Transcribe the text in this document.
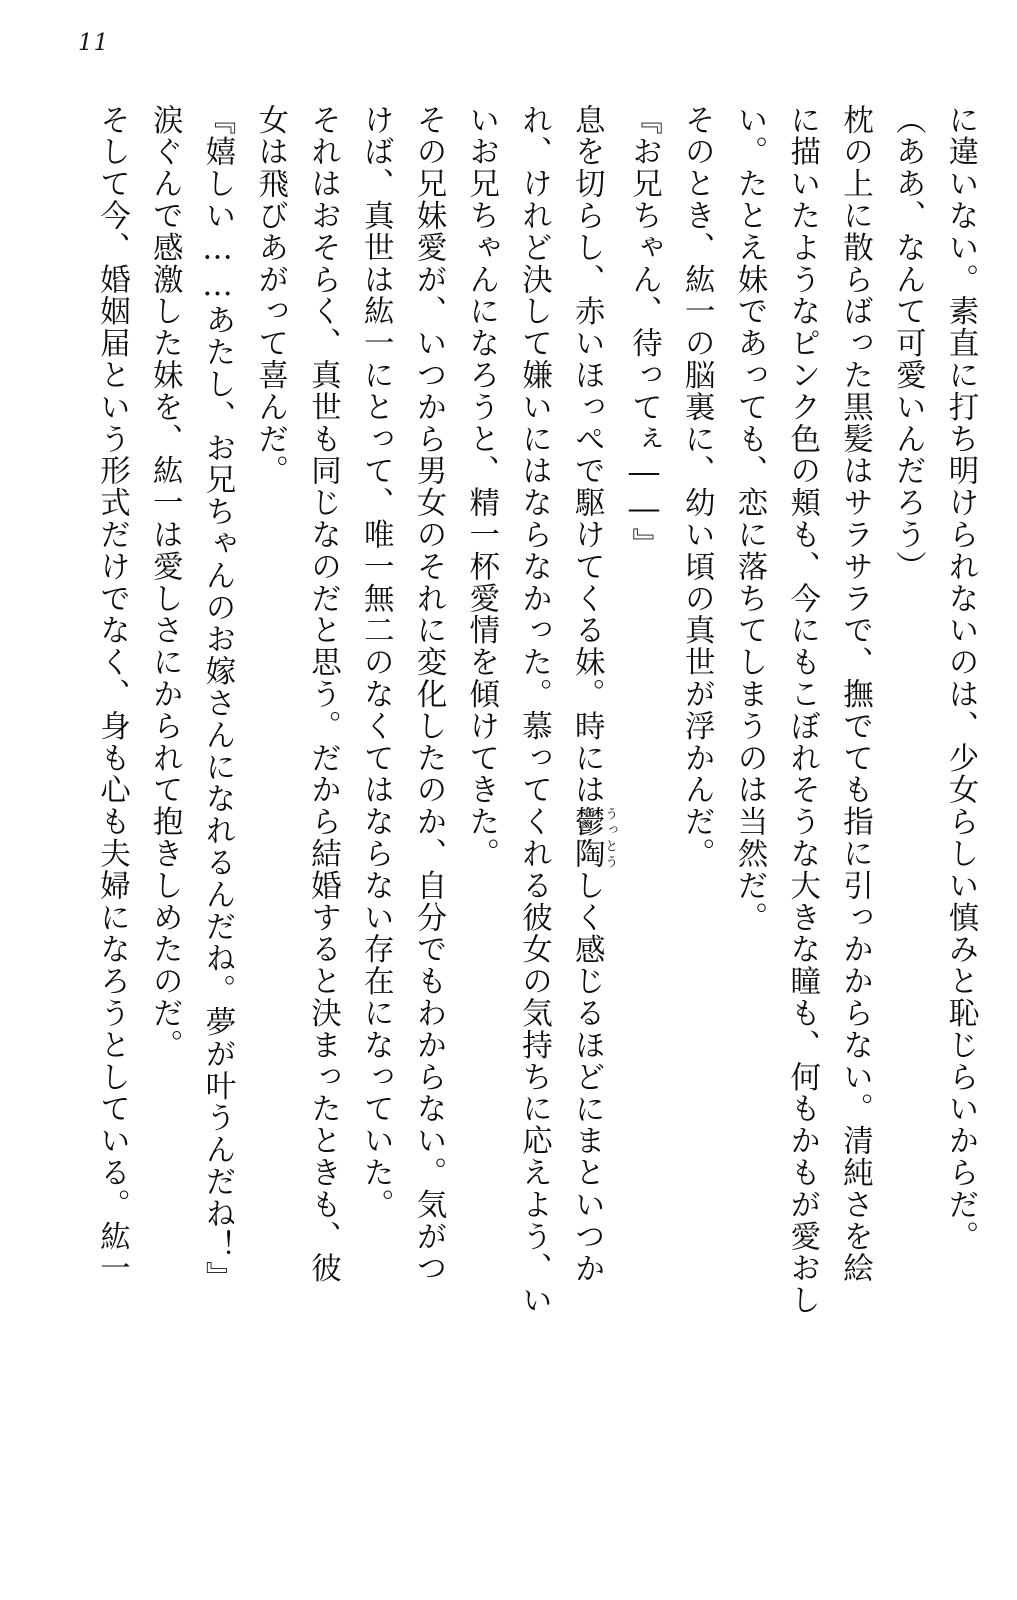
11
に違いない。素直に打ち明けられないのは、少女らしい慎みと恥じらいからだ。
（ああ、なんて可愛いんだろう）
枕の上に散らばった黒髪はサラサラで、撫でても指に引っかからない。清純さを絵
に描いたようなピンク色の頬も、今にもこぼれそうな大きな瞳も、何もかもが愛おし
い。たとえ妹であっても、恋に落ちてしまうのは当然だ。
そのとき、紘一の脳裏に、幼い頃の真世が浮かんだ。
『お兄ちゃん、待ってぇ――』
息を切らし、赤いほっぺで駆けてくる妹。時には鬱陶うっとうしく感じるほどにまといつか
れ、けれど決して嫌いにはならなかった。慕ってくれる彼女の気持ちに応えよう、い
いお兄ちゃんになろうと、精一杯愛情を傾けてきた。
その兄妹愛が、いつから男女のそれに変化したのか、自分でもわからない。気がつ
けば、真世は紘一にとって、唯一無二のなくてはならない存在になっていた。
それはおそらく、真世も同じなのだと思う。だから結婚すると決まったときも、彼
女は飛びあがって喜んだ。
『嬉しい……あたし、お兄ちゃんのお嫁さんになれるんだね。夢が叶うんだね！』
涙ぐんで感激した妹を、紘一は愛しさにかられて抱きしめたのだ。
そして今、婚姻届という形式だけでなく、身も心も夫婦になろうとしている。紘一
